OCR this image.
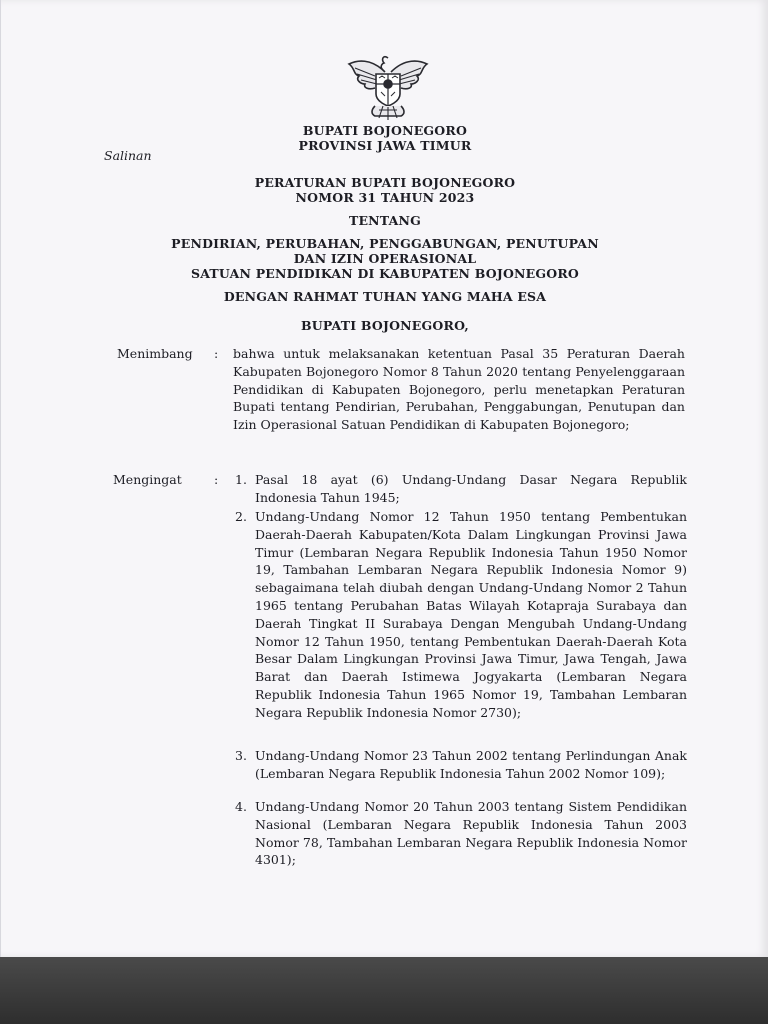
BUPATI BOJONEGORO
PROVINSI JAWA TIMUR
Salinan
PERATURAN BUPATI BOJONEGORO
NOMOR 31 TAHUN 2023
TENTANG
PENDIRIAN, PERUBAHAN, PENGGABUNGAN, PENUTUPAN
DAN IZIN OPERASIONAL
SATUAN PENDIDIKAN DI KABUPATEN BOJONEGORO
DENGAN RAHMAT TUHAN YANG MAHA ESA
BUPATI BOJONEGORO,
Menimbang : bahwa untuk melaksanakan ketentuan Pasal 35 Peraturan Daerah Kabupaten Bojonegoro Nomor 8 Tahun 2020 tentang Penyelenggaraan Pendidikan di Kabupaten Bojonegoro, perlu menetapkan Peraturan Bupati tentang Pendirian, Perubahan, Penggabungan, Penutupan dan Izin Operasional Satuan Pendidikan di Kabupaten Bojonegoro;

Mengingat	: 1. Pasal 18 ayat (6) Undang-Undang Dasar Negara Republik Indonesia Tahun 1945;

2. Undang-Undang Nomor 12 Tahun 1950 tentang Pembentukan Daerah-Daerah Kabupaten/Kota Dalam Lingkungan Provinsi Jawa Timur (Lembaran Negara Republik Indonesia Tahun 1950 Nomor 19, Tambahan Lembaran Negara Republik Indonesia Nomor 9) sebagaimana telah diubah dengan Undang-Undang Nomor 2 Tahun 1965 tentang Perubahan Batas Wilayah Kotapraja Surabaya dan Daerah Tingkat II Surabaya Dengan Mengubah Undang-Undang Nomor 12 Tahun 1950, tentang Pembentukan Daerah-Daerah Kota Besar Dalam Lingkungan Provinsi Jawa Timur, Jawa Tengah, Jawa Barat dan Daerah Istimewa Jogyakarta (Lembaran Negara Republik Indonesia Tahun 1965 Nomor 19, Tambahan Lembaran Negara Republik Indonesia Nomor 2730);

3. Undang-Undang Nomor 23 Tahun 2002 tentang Perlindungan Anak (Lembaran Negara Republik Indonesia Tahun 2002 Nomor 109);

4. Undang-Undang Nomor 20 Tahun 2003 tentang Sistem Pendidikan Nasional (Lembaran Negara Republik Indonesia Tahun 2003 Nomor 78, Tambahan Lembaran Negara Republik Indonesia Nomor 4301);
